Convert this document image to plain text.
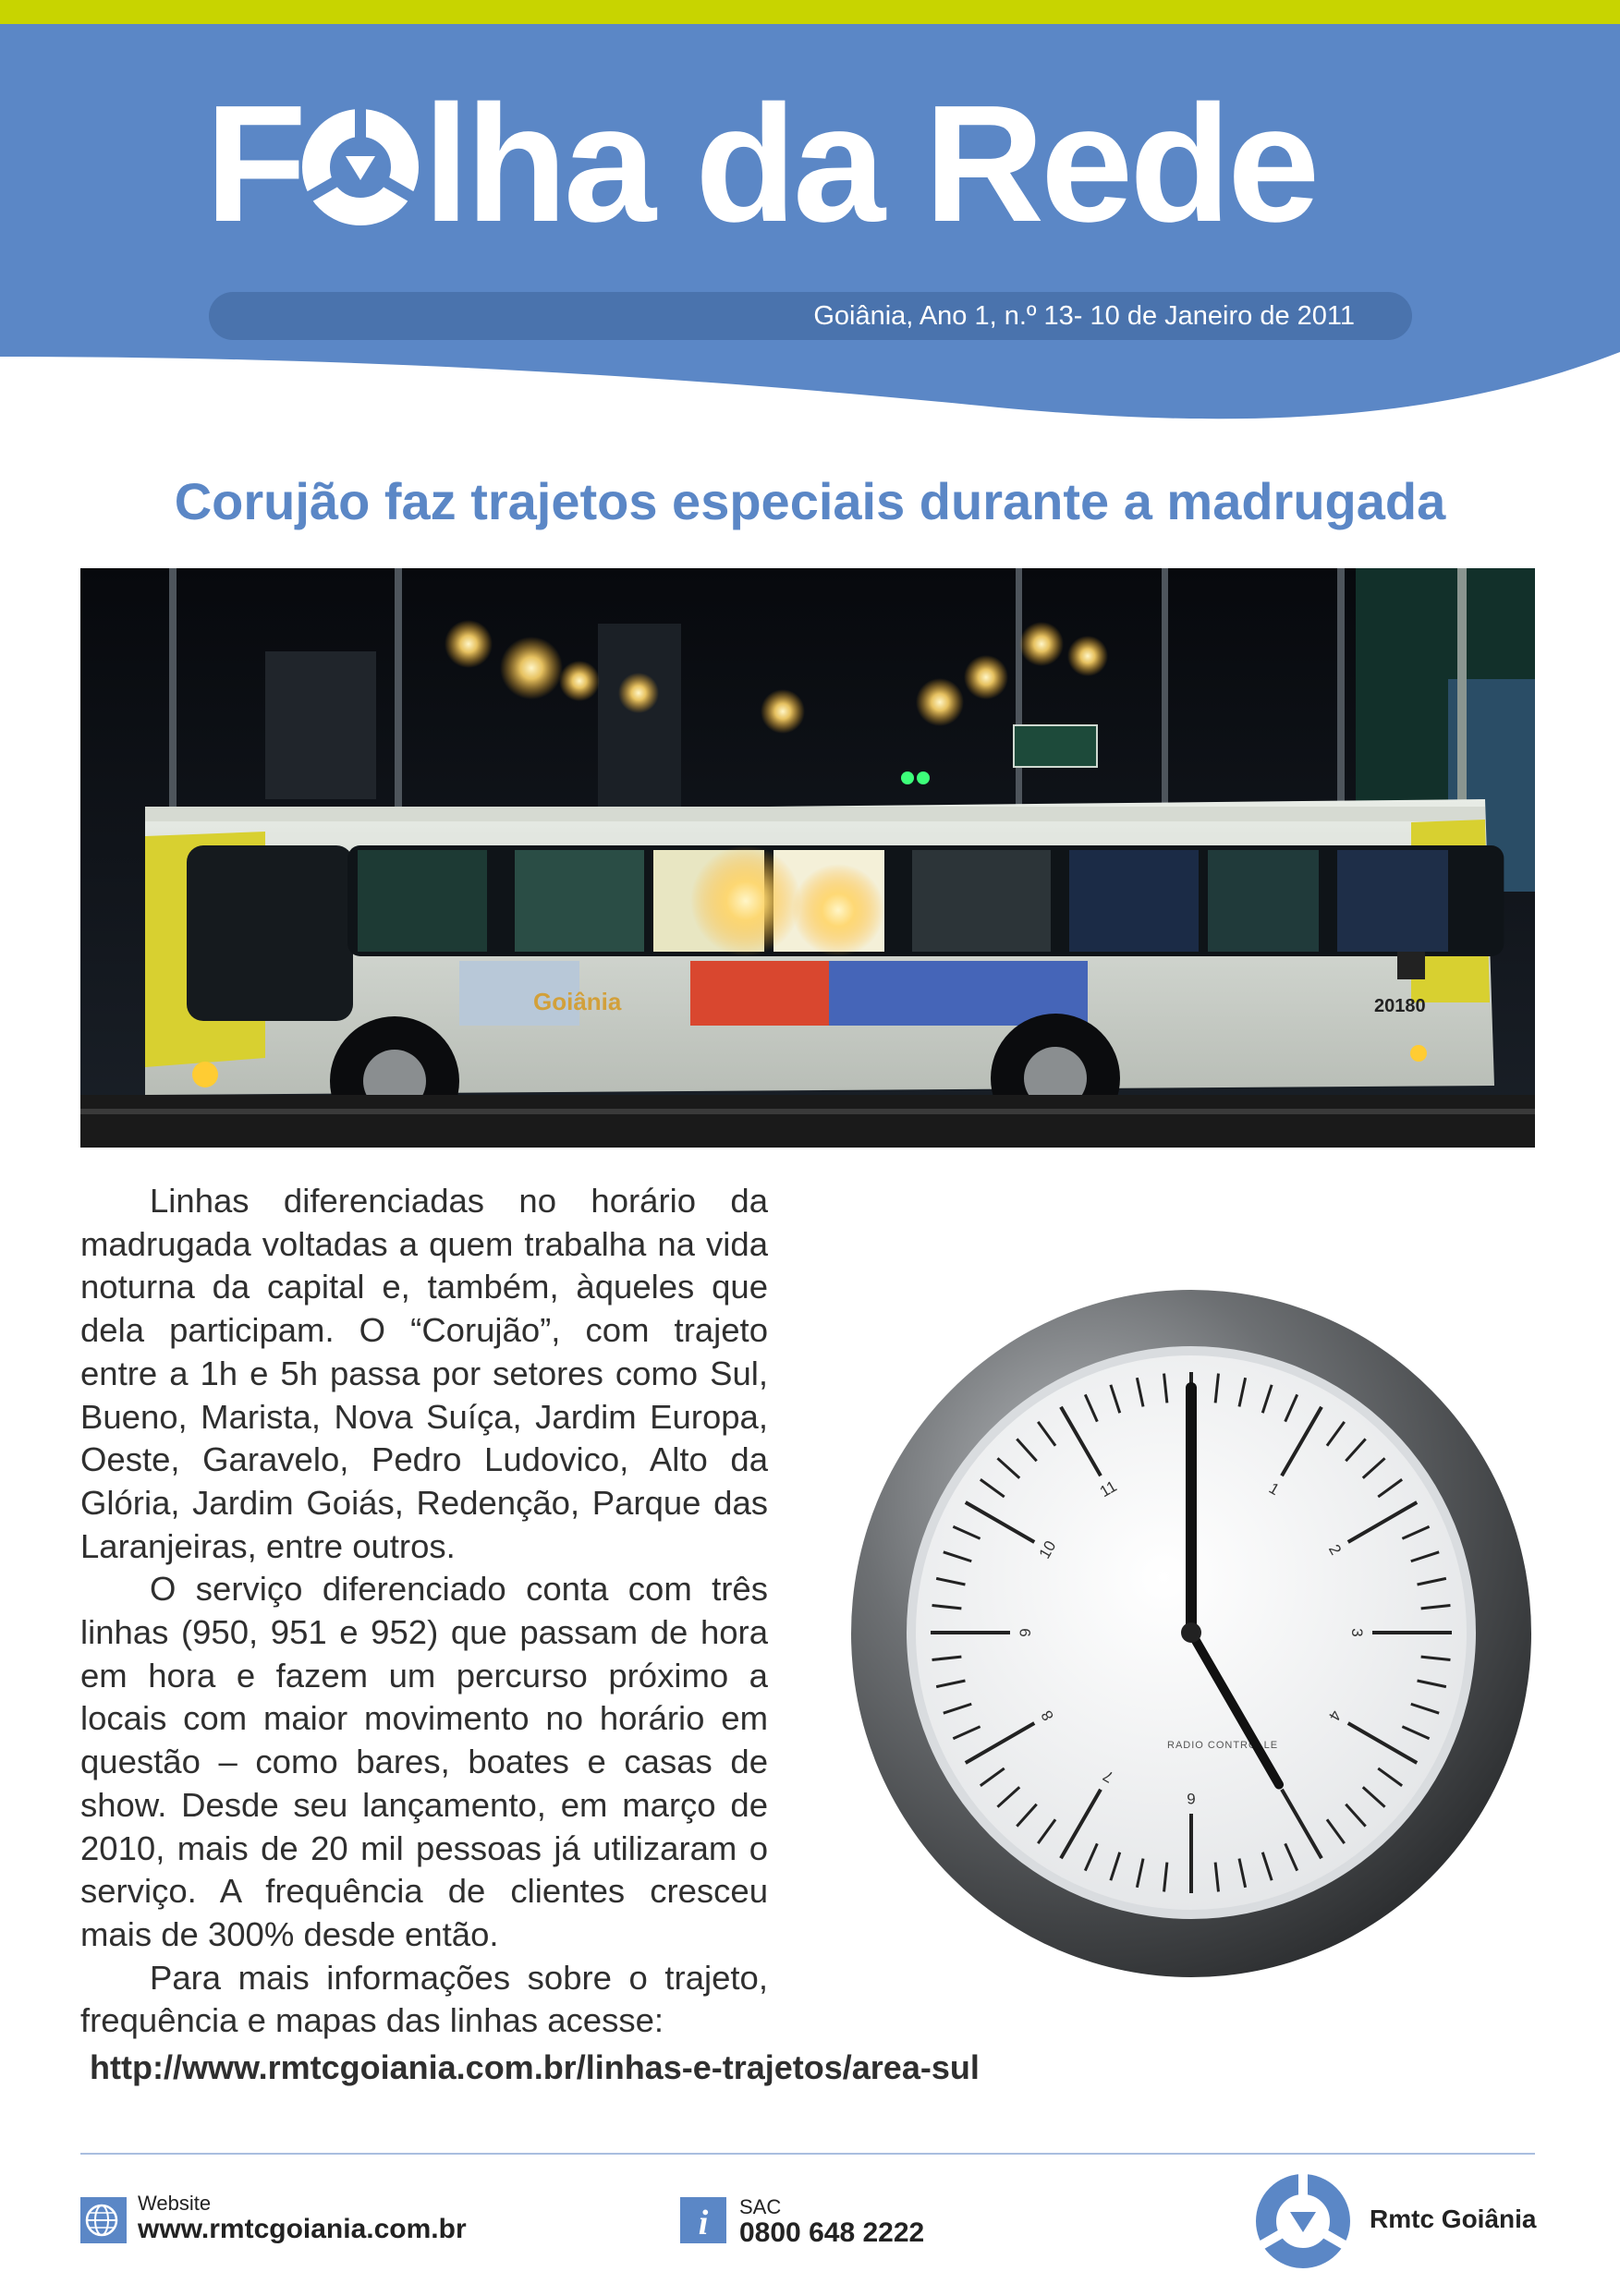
F lha da Rede
Goiânia, Ano 1, n.º 13- 10 de Janeiro de 2011
Corujão faz trajetos especiais durante a madrugada
Goiânia	20180

Linhas diferenciadas no horário da madrugada voltadas a quem trabalha na vida noturna da capital e, também, àqueles que dela participam. O “Corujão”, com trajeto entre a 1h e 5h passa por setores como Sul, Bueno, Marista, Nova Suíça, Jardim Europa, Oeste, Garavelo, Pedro Ludovico, Alto da Glória, Jardim Goiás, Redenção, Parque das Laranjeiras, entre outros.

O serviço diferenciado conta com três linhas (950, 951 e 952) que passam de hora em hora e fazem um percurso próximo a locais com maior movimento no horário em questão – como bares, boates e casas de show. Desde seu lançamento, em março de 2010, mais de 20 mil pessoas já utilizaram o serviço. A frequência de clientes cresceu mais de 300% desde então.

Para mais informações sobre o trajeto, frequência e mapas das linhas acesse:

http://www.rmtcgoiania.com.br/linhas-e-trajetos/area-sul
1
2
3
4
6
7
8
9
10
11
RADIO CONTROLLE
Website
www.rmtcgoiania.com.br	i SAC
0800 648 2222	Rmtc Goiânia
